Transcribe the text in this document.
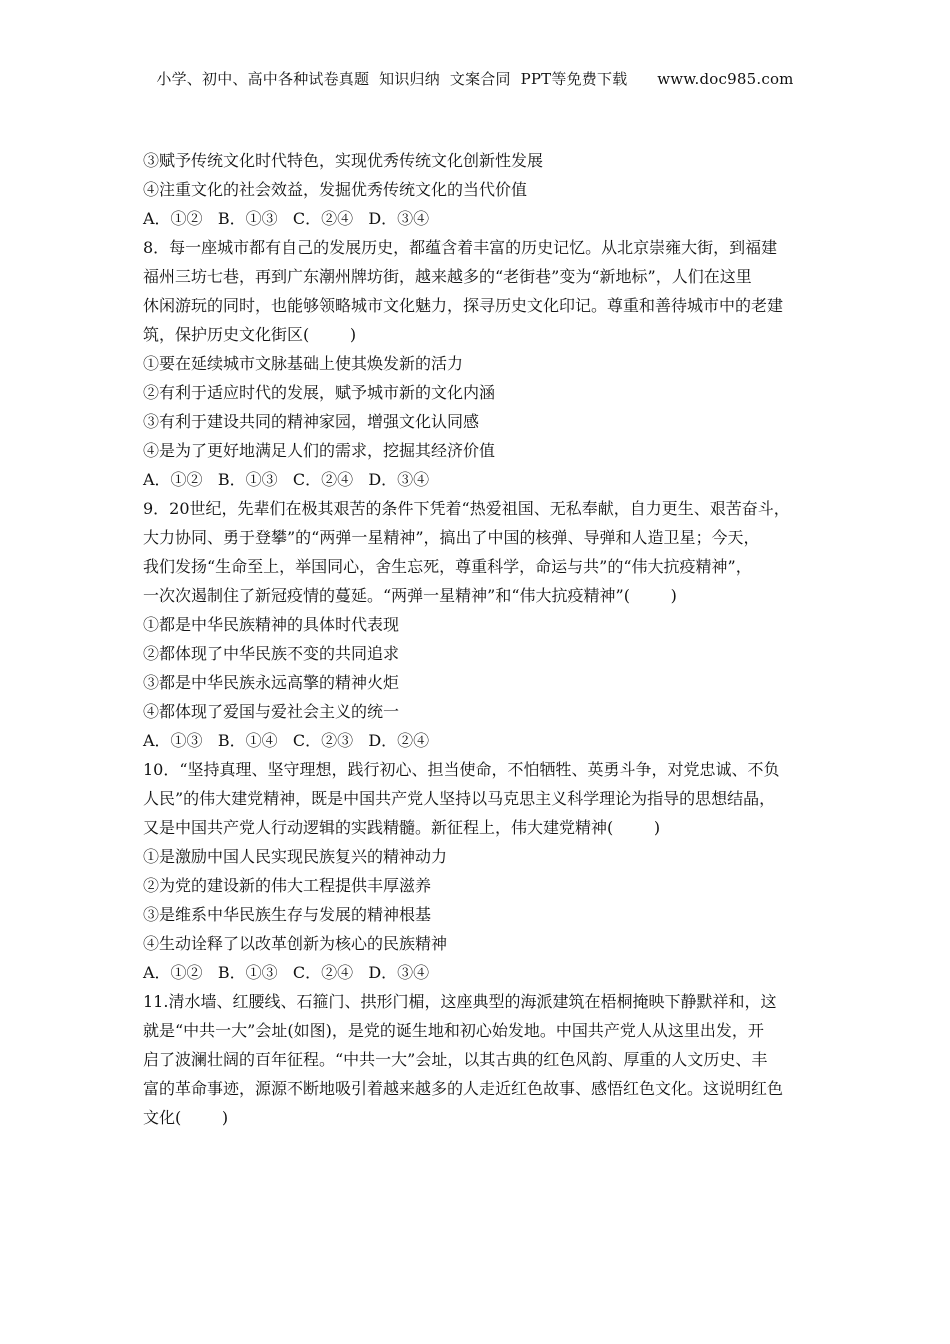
小学、初中、高中各种试卷真题  知识归纳  文案合同  PPT等免费下载      www.doc985.com
③赋予传统文化时代特色，实现优秀传统文化创新性发展
④注重文化的社会效益，发掘优秀传统文化的当代价值
A．①②   B．①③   C．②④   D．③④
8．每一座城市都有自己的发展历史，都蕴含着丰富的历史记忆。从北京崇雍大街，到福建
福州三坊七巷，再到广东潮州牌坊街，越来越多的“老街巷”变为“新地标”，人们在这里
休闲游玩的同时，也能够领略城市文化魅力，探寻历史文化印记。尊重和善待城市中的老建
筑，保护历史文化街区(        )
①要在延续城市文脉基础上使其焕发新的活力
②有利于适应时代的发展，赋予城市新的文化内涵
③有利于建设共同的精神家园，增强文化认同感
④是为了更好地满足人们的需求，挖掘其经济价值
A．①②   B．①③   C．②④   D．③④
9．20世纪，先辈们在极其艰苦的条件下凭着“热爱祖国、无私奉献，自力更生、艰苦奋斗，
大力协同、勇于登攀”的“两弹一星精神”，搞出了中国的核弹、导弹和人造卫星；今天，
我们发扬“生命至上，举国同心，舍生忘死，尊重科学，命运与共”的“伟大抗疫精神”，
一次次遏制住了新冠疫情的蔓延。“两弹一星精神”和“伟大抗疫精神”(        )
①都是中华民族精神的具体时代表现
②都体现了中华民族不变的共同追求
③都是中华民族永远高擎的精神火炬
④都体现了爱国与爱社会主义的统一
A．①③   B．①④   C．②③   D．②④
10．“坚持真理、坚守理想，践行初心、担当使命，不怕牺牲、英勇斗争，对党忠诚、不负
人民”的伟大建党精神，既是中国共产党人坚持以马克思主义科学理论为指导的思想结晶，
又是中国共产党人行动逻辑的实践精髓。新征程上，伟大建党精神(        )
①是激励中国人民实现民族复兴的精神动力
②为党的建设新的伟大工程提供丰厚滋养
③是维系中华民族生存与发展的精神根基
④生动诠释了以改革创新为核心的民族精神
A．①②   B．①③   C．②④   D．③④
11.清水墙、红腰线、石箍门、拱形门楣，这座典型的海派建筑在梧桐掩映下静默祥和，这
就是“中共一大”会址(如图)，是党的诞生地和初心始发地。中国共产党人从这里出发，开
启了波澜壮阔的百年征程。“中共一大”会址，以其古典的红色风韵、厚重的人文历史、丰
富的革命事迹，源源不断地吸引着越来越多的人走近红色故事、感悟红色文化。这说明红色
文化(        )
